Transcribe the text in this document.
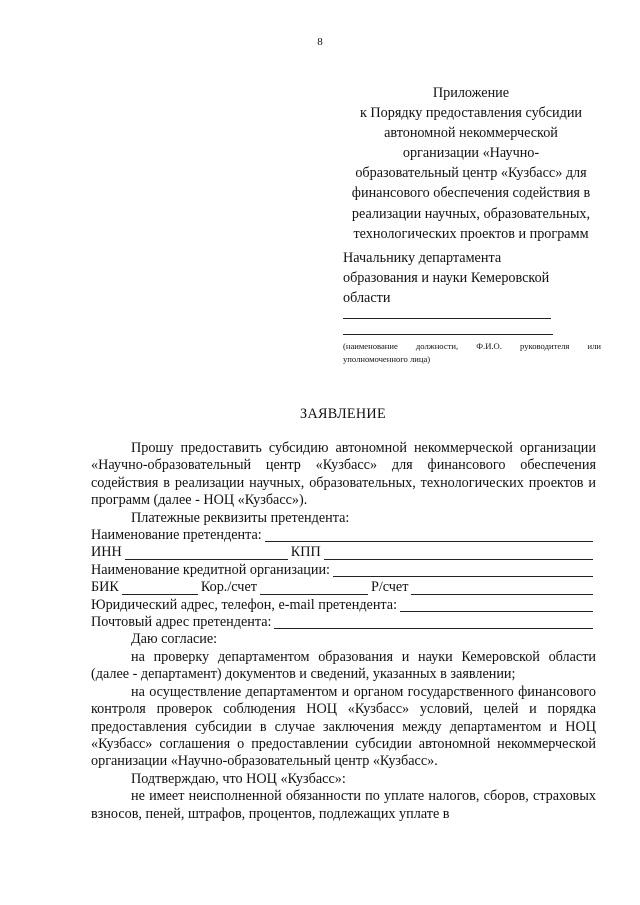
8
Приложение
к Порядку предоставления субсидии
автономной некоммерческой
организации «Научно-
образовательный центр «Кузбасс» для
финансового обеспечения содействия в
реализации научных, образовательных,
технологических проектов и программ
Начальнику департамента
образования и науки Кемеровской
области
(наименование должности, Ф.И.О. руководителя или уполномоченного лица)
ЗАЯВЛЕНИЕ

Прошу предоставить субсидию автономной некоммерческой организации «Научно-образовательный центр «Кузбасс» для финансового обеспечения содействия в реализации научных, образовательных, технологических проектов и программ (далее - НОЦ «Кузбасс»).

Платежные реквизиты претендента:

Наименование претендента:
ИНН	КПП
Наименование кредитной организации:
БИК	Кор./счет	Р/счет
Юридический адрес, телефон, e-mail претендента:
Почтовый адрес претендента:

Даю согласие:

на проверку департаментом образования и науки Кемеровской области (далее - департамент) документов и сведений, указанных в заявлении;

на осуществление департаментом и органом государственного финансового контроля проверок соблюдения НОЦ «Кузбасс» условий, целей и порядка предоставления субсидии в случае заключения между департаментом и НОЦ «Кузбасс» соглашения о предоставлении субсидии автономной некоммерческой организации «Научно-образовательный центр «Кузбасс».

Подтверждаю, что НОЦ «Кузбасс»:

не имеет неисполненной обязанности по уплате налогов, сборов, страховых взносов, пеней, штрафов, процентов, подлежащих уплате в
